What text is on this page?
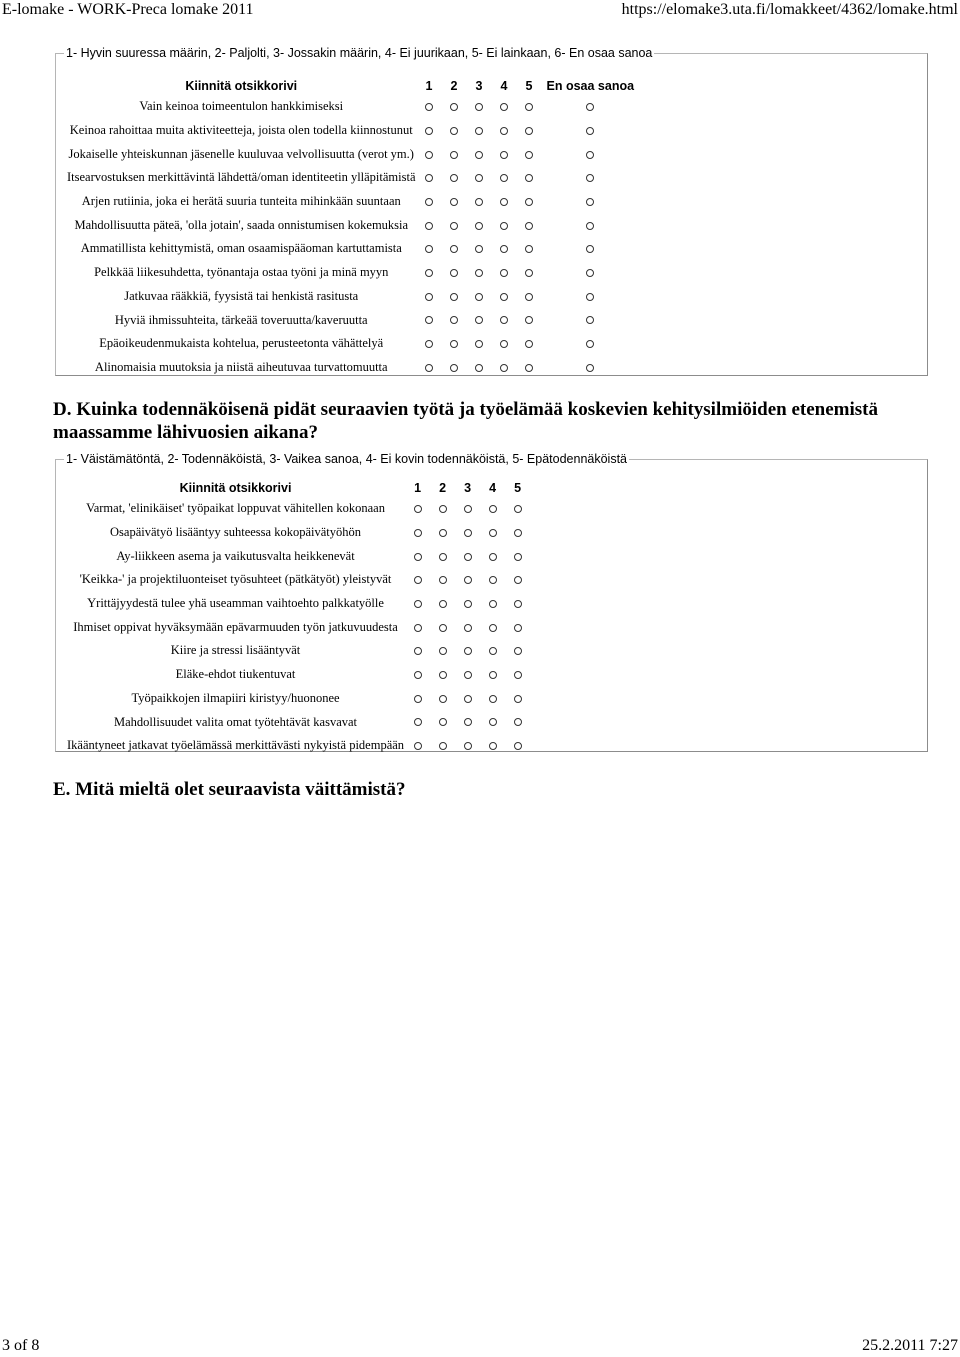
E-lomake - WORK-Preca lomake 2011	https://elomake3.uta.fi/lomakkeet/4362/lomake.html
1- Hyvin suuressa määrin, 2- Paljolti, 3- Jossakin määrin, 4- Ei juurikaan, 5- Ei lainkaan, 6- En osaa sanoa
Kiinnitä otsikkorivi	1	2	3	4	5	En osaa sanoa
Vain keinoa toimeentulon hankkimiseksi						
Keinoa rahoittaa muita aktiviteetteja, joista olen todella kiinnostunut						
Jokaiselle yhteiskunnan jäsenelle kuuluvaa velvollisuutta (verot ym.)						
Itsearvostuksen merkittävintä lähdettä/oman identiteetin ylläpitämistä						
Arjen rutiinia, joka ei herätä suuria tunteita mihinkään suuntaan						
Mahdollisuutta päteä, 'olla jotain', saada onnistumisen kokemuksia						
Ammatillista kehittymistä, oman osaamispääoman kartuttamista						
Pelkkää liikesuhdetta, työnantaja ostaa työni ja minä myyn						
Jatkuvaa rääkkiä, fyysistä tai henkistä rasitusta						
Hyviä ihmissuhteita, tärkeää toveruutta/kaveruutta						
Epäoikeudenmukaista kohtelua, perusteetonta vähättelyä						
Alinomaisia muutoksia ja niistä aiheutuvaa turvattomuutta						
D. Kuinka todennäköisenä pidät seuraavien työtä ja työelämää koskevien kehitysilmiöiden etenemistä maassamme lähivuosien aikana?
1- Väistämätöntä, 2- Todennäköistä, 3- Vaikea sanoa, 4- Ei kovin todennäköistä, 5- Epätodennäköistä
Kiinnitä otsikkorivi	1	2	3	4	5
Varmat, 'elinikäiset' työpaikat loppuvat vähitellen kokonaan					
Osapäivätyö lisääntyy suhteessa kokopäivätyöhön					
Ay-liikkeen asema ja vaikutusvalta heikkenevät					
'Keikka-' ja projektiluonteiset työsuhteet (pätkätyöt) yleistyvät					
Yrittäjyydestä tulee yhä useamman vaihtoehto palkkatyölle					
Ihmiset oppivat hyväksymään epävarmuuden työn jatkuvuudesta					
Kiire ja stressi lisääntyvät					
Eläke-ehdot tiukentuvat					
Työpaikkojen ilmapiiri kiristyy/huononee					
Mahdollisuudet valita omat työtehtävät kasvavat					
Ikääntyneet jatkavat työelämässä merkittävästi nykyistä pidempään					
E. Mitä mieltä olet seuraavista väittämistä?
3 of 8	25.2.2011 7:27
